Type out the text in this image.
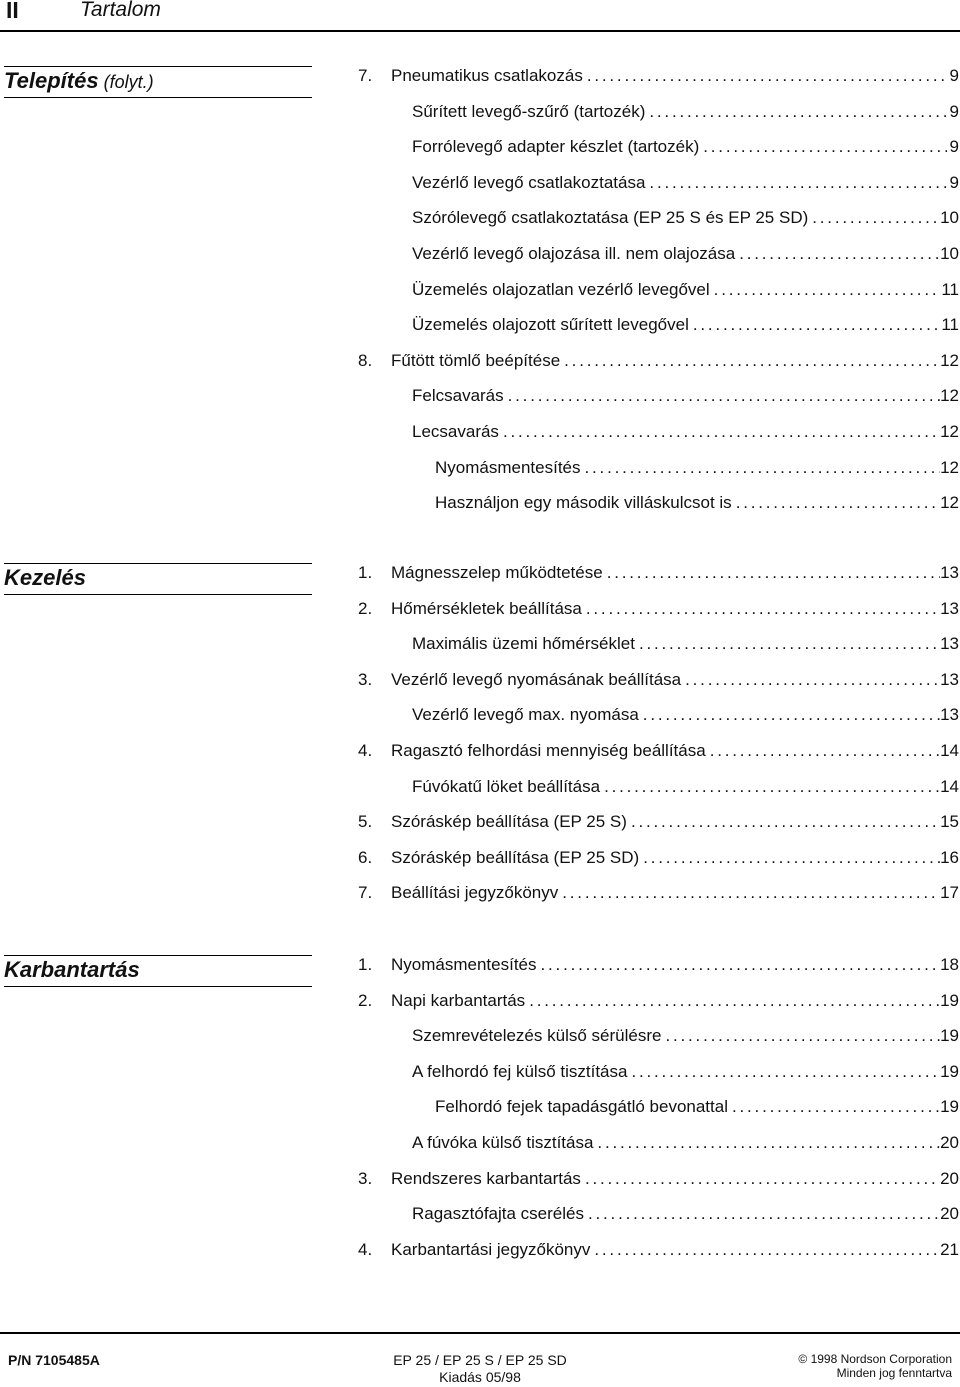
II	Tartalom
Telepítés (folyt.)	7.	Pneumatikus csatlakozás .....	9
Sűrített levegő-szűrő (tartozék) .....	9
Forrólevegő adapter készlet (tartozék) .....	9
Vezérlő levegő csatlakoztatása .....	9
Szórólevegő csatlakoztatása (EP 25 S és EP 25 SD) .....	10
Vezérlő levegő olajozása ill. nem olajozása .....	10
Üzemelés olajozatlan vezérlő levegővel .....	11
Üzemelés olajozott sűrített levegővel .....	11
8.	Fűtött tömlő beépítése .....	12
Felcsavarás .....	12
Lecsavarás .....	12
Nyomásmentesítés .....	12
Használjon egy második villáskulcsot is .....	12
Kezelés	1.	Mágnesszelep működtetése .....	13
2.	Hőmérsékletek beállítása .....	13
Maximális üzemi hőmérséklet .....	13
3.	Vezérlő levegő nyomásának beállítása .....	13
Vezérlő levegő max. nyomása .....	13
4.	Ragasztó felhordási mennyiség beállítása .....	14
Fúvókatű löket beállítása .....	14
5.	Szóráskép beállítása (EP 25 S) .....	15
6.	Szóráskép beállítása (EP 25 SD) .....	16
7.	Beállítási jegyzőkönyv .....	17
Karbantartás	1.	Nyomásmentesítés .....	18
2.	Napi karbantartás .....	19
Szemrevételezés külső sérülésre .....	19
A felhordó fej külső tisztítása .....	19
Felhordó fejek tapadásgátló bevonattal .....	19
A fúvóka külső tisztítása .....	20
3.	Rendszeres karbantartás .....	20
Ragasztófajta cserélés .....	20
4.	Karbantartási jegyzőkönyv .....	21
P/N 7105485A	EP 25 / EP 25 S / EP 25 SD
Kiadás 05/98
© 1998 Nordson Corporation
Minden jog fenntartva
